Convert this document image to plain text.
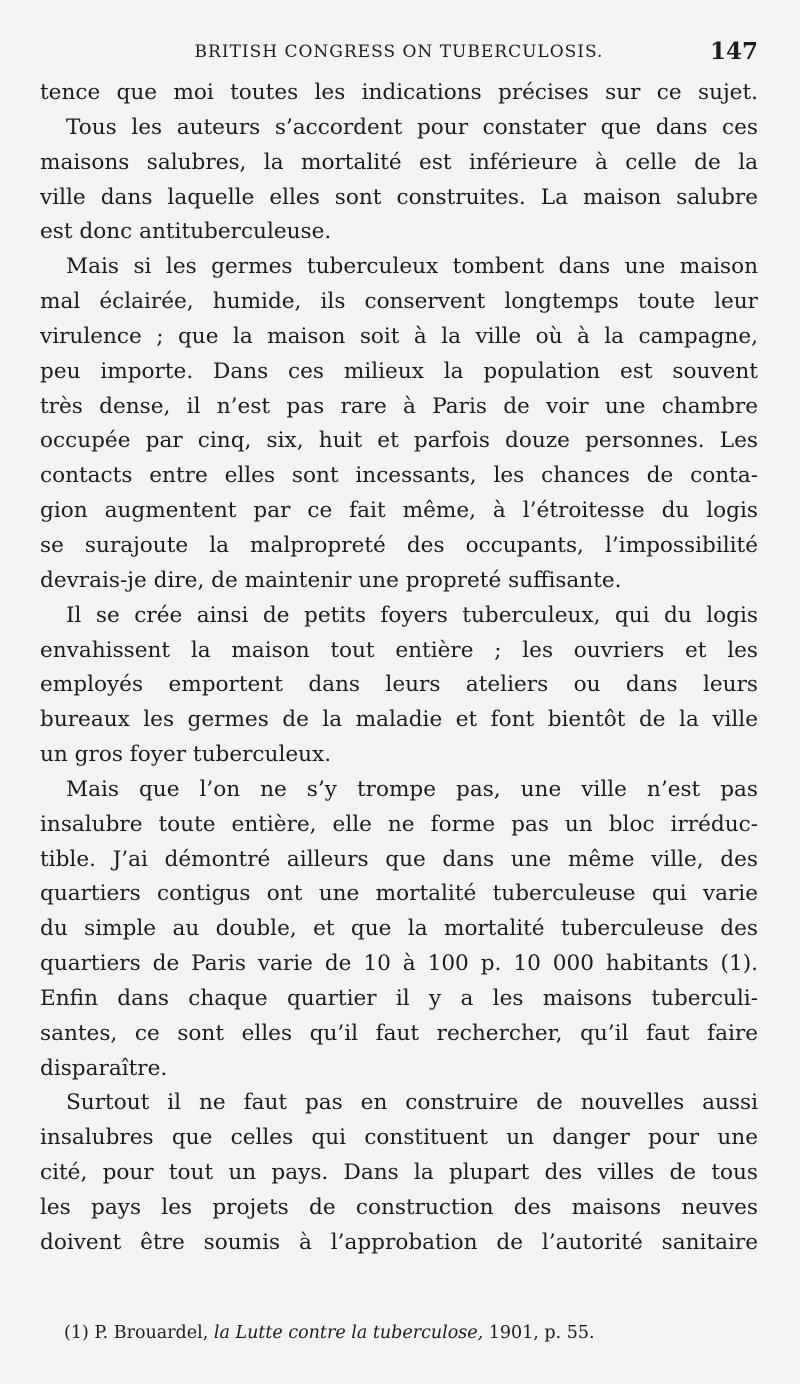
BRITISH CONGRESS ON TUBERCULOSIS.	147
tence que moi toutes les indications précises sur ce sujet.
Tous les auteurs s’accordent pour constater que dans ces
maisons salubres, la mortalité est inférieure à celle de la
ville dans laquelle elles sont construites. La maison salubre
est donc antituberculeuse.
Mais si les germes tuberculeux tombent dans une maison
mal éclairée, humide, ils conservent longtemps toute leur
virulence ; que la maison soit à la ville où à la campagne,
peu importe. Dans ces milieux la population est souvent
très dense, il n’est pas rare à Paris de voir une chambre
occupée par cinq, six, huit et parfois douze personnes. Les
contacts entre elles sont incessants, les chances de conta-
gion augmentent par ce fait même, à l’étroitesse du logis
se surajoute la malpropreté des occupants, l’impossibilité
devrais-je dire, de maintenir une propreté suffisante.
Il se crée ainsi de petits foyers tuberculeux, qui du logis
envahissent la maison tout entière ; les ouvriers et les
employés emportent dans leurs ateliers ou dans leurs
bureaux les germes de la maladie et font bientôt de la ville
un gros foyer tuberculeux.
Mais que l’on ne s’y trompe pas, une ville n’est pas
insalubre toute entière, elle ne forme pas un bloc irréduc-
tible. J’ai démontré ailleurs que dans une même ville, des
quartiers contigus ont une mortalité tuberculeuse qui varie
du simple au double, et que la mortalité tuberculeuse des
quartiers de Paris varie de 10 à 100 p. 10 000 habitants (1).
Enfin dans chaque quartier il y a les maisons tuberculi-
santes, ce sont elles qu’il faut rechercher, qu’il faut faire
disparaître.
Surtout il ne faut pas en construire de nouvelles aussi
insalubres que celles qui constituent un danger pour une
cité, pour tout un pays. Dans la plupart des villes de tous
les pays les projets de construction des maisons neuves
doivent être soumis à l’approbation de l’autorité sanitaire
(1) P. Brouardel, la Lutte contre la tuberculose, 1901, p. 55.
